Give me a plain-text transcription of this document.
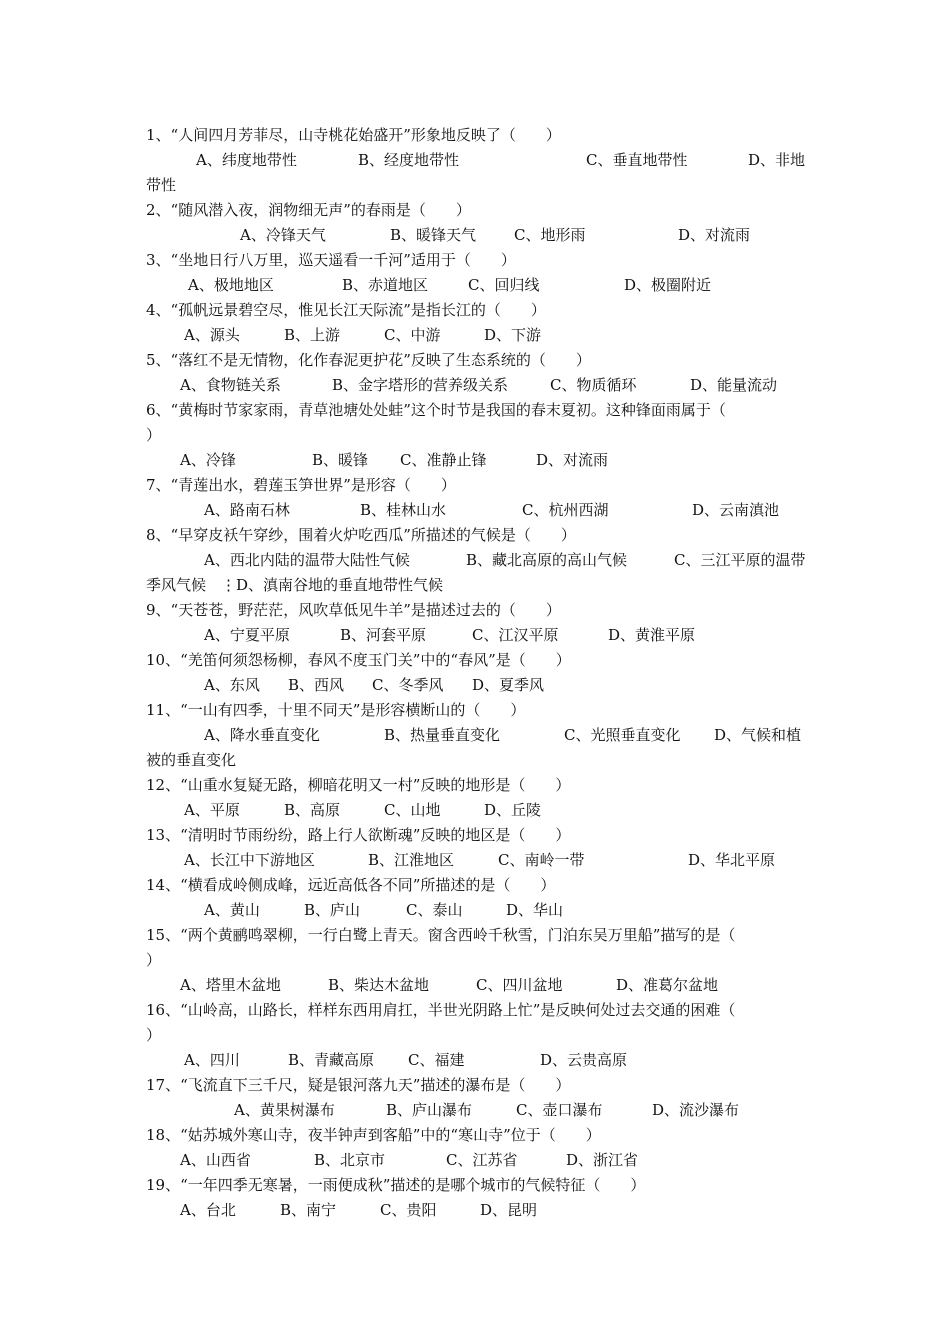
1、“人间四月芳菲尽，山寺桃花始盛开”形象地反映了（　　）
A、纬度地带性	B、经度地带性	C、垂直地带性	D、非地
带性
2、“随风潜入夜，润物细无声”的春雨是（　　）
A、冷锋天气	B、暖锋天气	C、地形雨	D、对流雨
3、“坐地日行八万里，巡天遥看一千河”适用于（　　）
A、极地地区	B、赤道地区	C、回归线	D、极圈附近
4、“孤帆远景碧空尽，惟见长江天际流”是指长江的（　　）
A、源头	B、上游	C、中游	D、下游
5、“落红不是无情物，化作春泥更护花”反映了生态系统的（　　）
A、食物链关系	B、金字塔形的营养级关系	C、物质循环	D、能量流动
6、“黄梅时节家家雨，青草池塘处处蛙”这个时节是我国的春末夏初。这种锋面雨属于（
）
A、冷锋	B、暖锋 C、准静止锋	D、对流雨
7、“青莲出水，碧莲玉笋世界”是形容（　　）
A、路南石林	B、桂林山水	C、杭州西湖	D、云南滇池
8、“早穿皮袄午穿纱，围着火炉吃西瓜”所描述的气候是（　　）
A、西北内陆的温带大陆性气候	B、藏北高原的高山气候	C、三江平原的温带
季风气候　⋮D、滇南谷地的垂直地带性气候
9、“天苍苍，野茫茫，风吹草低见牛羊”是描述过去的（　　）
A、宁夏平原	B、河套平原	C、江汉平原	D、黄淮平原
10、“羌笛何须怨杨柳，春风不度玉门关”中的“春风”是（　　）
A、东风 B、西风 C、冬季风 D、夏季风
11、“一山有四季，十里不同天”是形容横断山的（　　）
A、降水垂直变化	B、热量垂直变化	C、光照垂直变化 D、气候和植
被的垂直变化
12、“山重水复疑无路，柳暗花明又一村”反映的地形是（　　）
A、平原	B、高原	C、山地	D、丘陵
13、“清明时节雨纷纷，路上行人欲断魂”反映的地区是（　　）
A、长江中下游地区	B、江淮地区	C、南岭一带	D、华北平原
14、“横看成岭侧成峰，远近高低各不同”所描述的是（　　）
A、黄山	B、庐山	C、泰山	D、华山
15、“两个黄鹂鸣翠柳，一行白鹭上青天。窗含西岭千秋雪，门泊东吴万里船”描写的是（
）
A、塔里木盆地	B、柴达木盆地	C、四川盆地	D、准葛尔盆地
16、“山岭高，山路长，样样东西用肩扛，半世光阴路上忙”是反映何处过去交通的困难（
）
A、四川	B、青藏高原 C、福建	D、云贵高原
17、“飞流直下三千尺，疑是银河落九天”描述的瀑布是（　　）
A、黄果树瀑布	B、庐山瀑布	C、壶口瀑布	D、流沙瀑布
18、“姑苏城外寒山寺，夜半钟声到客船”中的“寒山寺”位于（　　）
A、山西省	B、北京市	C、江苏省	D、浙江省
19、“一年四季无寒暑，一雨便成秋”描述的是哪个城市的气候特征（　　）
A、台北	B、南宁	C、贵阳	D、昆明
